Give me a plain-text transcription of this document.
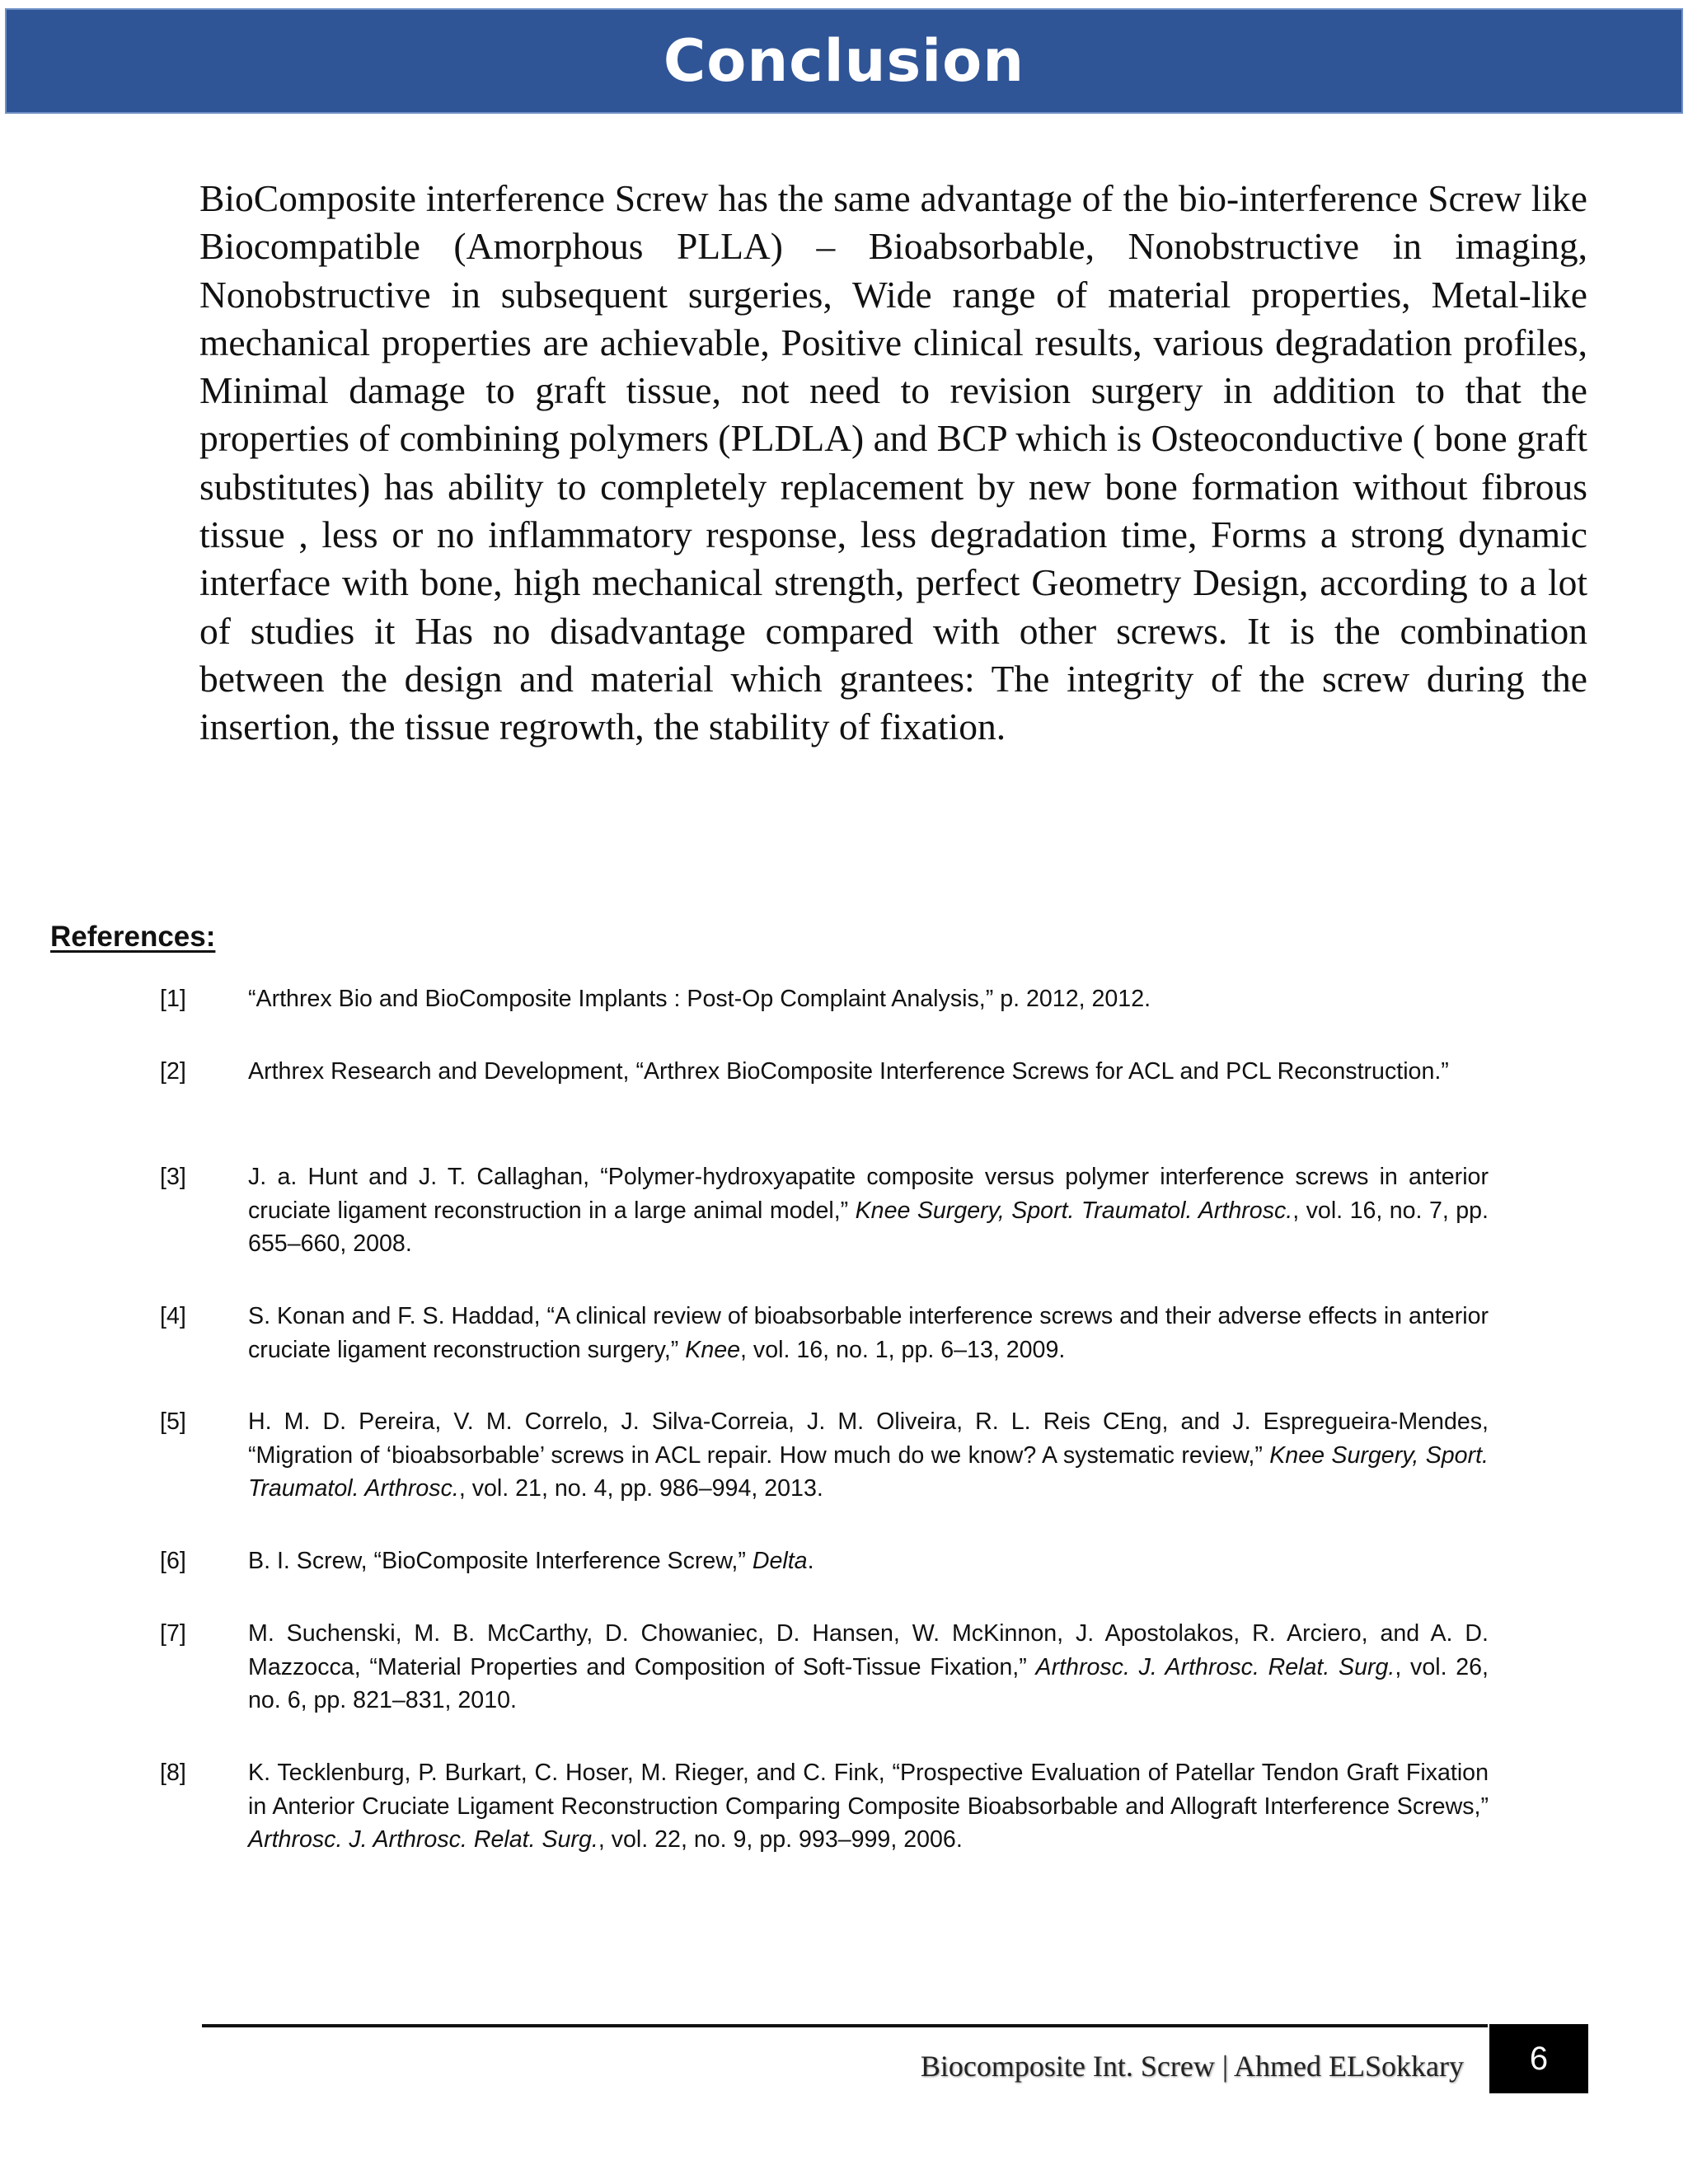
Conclusion

BioComposite interference Screw has the same advantage of the bio-interference Screw like Biocompatible (Amorphous PLLA) – Bioabsorbable, Nonobstructive in imaging, Nonobstructive in subsequent surgeries, Wide range of material properties, Metal-like mechanical properties are achievable, Positive clinical results, various degradation profiles, Minimal damage to graft tissue, not need to revision surgery in addition to that the properties of combining polymers (PLDLA) and BCP which is Osteoconductive ( bone graft substitutes) has ability to completely replacement by new bone formation without fibrous tissue , less or no inflammatory response, less degradation time, Forms a strong dynamic interface with bone, high mechanical strength, perfect Geometry Design, according to a lot of studies it Has no disadvantage compared with other screws. It is the combination between the design and material which grantees: The integrity of the screw during the insertion, the tissue regrowth, the stability of fixation.

References:
[1]	“Arthrex Bio and BioComposite Implants : Post-Op Complaint Analysis,” p. 2012, 2012.
[2]	Arthrex Research and Development, “Arthrex BioComposite Interference Screws for ACL and PCL Reconstruction.”
[3]	J. a. Hunt and J. T. Callaghan, “Polymer-hydroxyapatite composite versus polymer interference screws in anterior cruciate ligament reconstruction in a large animal model,” Knee Surgery, Sport. Traumatol. Arthrosc., vol. 16, no. 7, pp. 655–660, 2008.
[4]	S. Konan and F. S. Haddad, “A clinical review of bioabsorbable interference screws and their adverse effects in anterior cruciate ligament reconstruction surgery,” Knee, vol. 16, no. 1, pp. 6–13, 2009.
[5]	H. M. D. Pereira, V. M. Correlo, J. Silva-Correia, J. M. Oliveira, R. L. Reis CEng, and J. Espregueira-Mendes, “Migration of ‘bioabsorbable’ screws in ACL repair. How much do we know? A systematic review,” Knee Surgery, Sport. Traumatol. Arthrosc., vol. 21, no. 4, pp. 986–994, 2013.
[6]	B. I. Screw, “BioComposite Interference Screw,” Delta.
[7]	M. Suchenski, M. B. McCarthy, D. Chowaniec, D. Hansen, W. McKinnon, J. Apostolakos, R. Arciero, and A. D. Mazzocca, “Material Properties and Composition of Soft-Tissue Fixation,” Arthrosc. J. Arthrosc. Relat. Surg., vol. 26, no. 6, pp. 821–831, 2010.
[8]	K. Tecklenburg, P. Burkart, C. Hoser, M. Rieger, and C. Fink, “Prospective Evaluation of Patellar Tendon Graft Fixation in Anterior Cruciate Ligament Reconstruction Comparing Composite Bioabsorbable and Allograft Interference Screws,” Arthrosc. J. Arthrosc. Relat. Surg., vol. 22, no. 9, pp. 993–999, 2006.
Biocomposite Int. Screw | Ahmed ELSokkary	6
